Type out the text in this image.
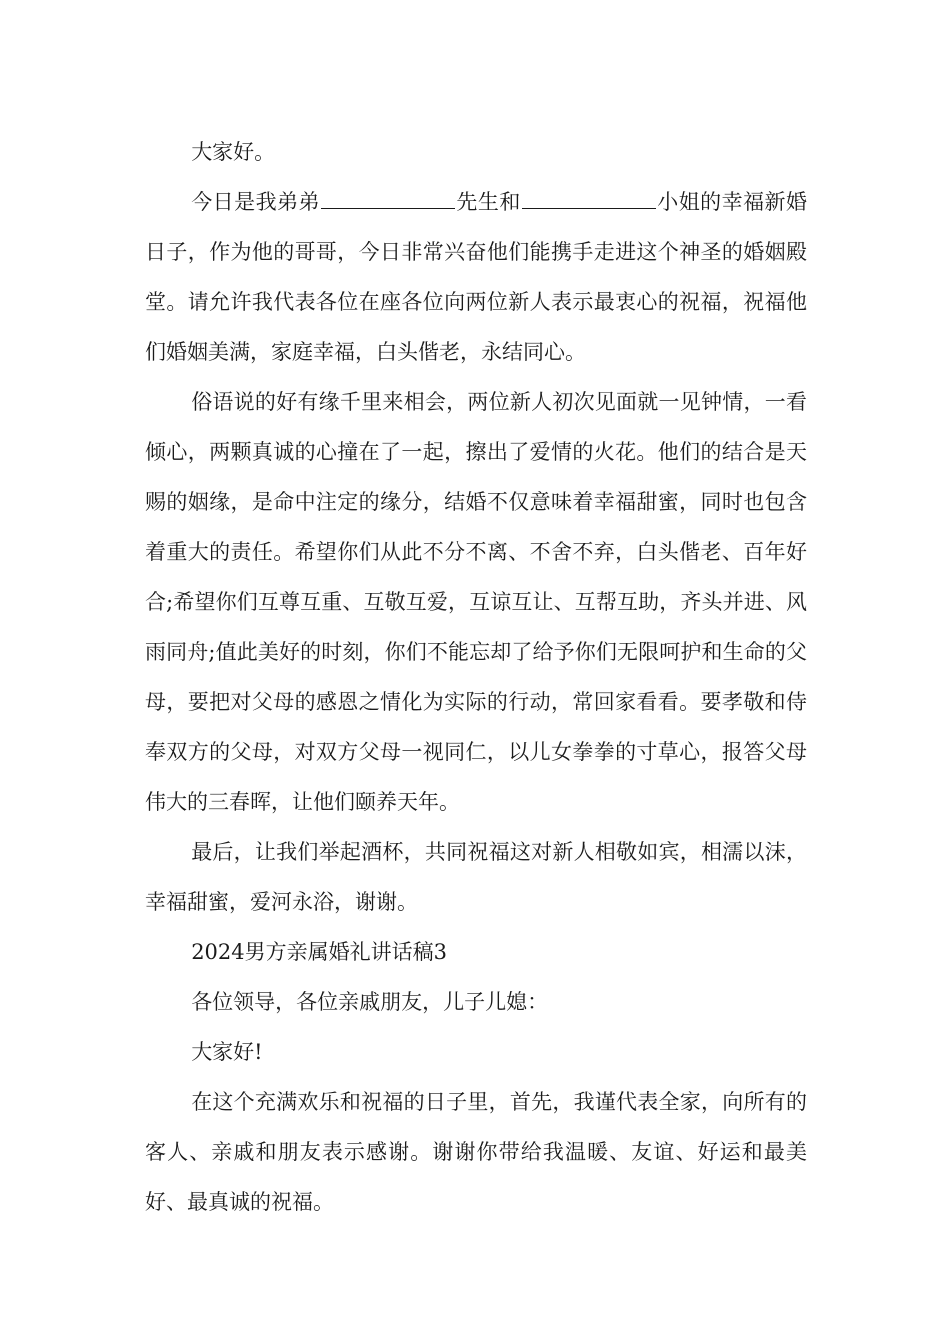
大家好。

今日是我弟弟	先生和	小姐的幸福新婚日子，作为他的哥哥，今日非常兴奋他们能携手走进这个神圣的婚姻殿堂。请允许我代表各位在座各位向两位新人表示最衷心的祝福，祝福他们婚姻美满，家庭幸福，白头偕老，永结同心。

俗语说的好有缘千里来相会，两位新人初次见面就一见钟情，一看倾心，两颗真诚的心撞在了一起，擦出了爱情的火花。他们的结合是天赐的姻缘，是命中注定的缘分，结婚不仅意味着幸福甜蜜，同时也包含着重大的责任。希望你们从此不分不离、不舍不弃，白头偕老、百年好合;希望你们互尊互重、互敬互爱，互谅互让、互帮互助，齐头并进、风雨同舟;值此美好的时刻，你们不能忘却了给予你们无限呵护和生命的父母，要把对父母的感恩之情化为实际的行动，常回家看看。要孝敬和侍奉双方的父母，对双方父母一视同仁，以儿女拳拳的寸草心，报答父母伟大的三春晖，让他们颐养天年。

最后，让我们举起酒杯，共同祝福这对新人相敬如宾，相濡以沫，幸福甜蜜，爱河永浴，谢谢。

2024男方亲属婚礼讲话稿3

各位领导，各位亲戚朋友，儿子儿媳：

大家好!

在这个充满欢乐和祝福的日子里，首先，我谨代表全家，向所有的客人、亲戚和朋友表示感谢。谢谢你带给我温暖、友谊、好运和最美好、最真诚的祝福。
